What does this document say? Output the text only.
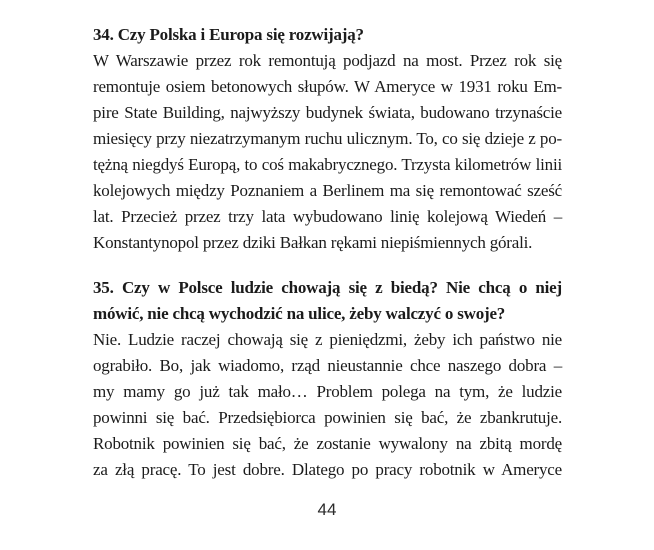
34. Czy Polska i Europa się rozwijają?
W Warszawie przez rok remontują podjazd na most. Przez rok się
remontuje osiem betonowych słupów. W Ameryce w 1931 roku Em-
pire State Building, najwyższy budynek świata, budowano trzynaście
miesięcy przy niezatrzymanym ruchu ulicznym. To, co się dzieje z po-
tężną niegdyś Europą, to coś makabrycznego. Trzysta kilometrów linii
kolejowych między Poznaniem a Berlinem ma się remontować sześć
lat. Przecież przez trzy lata wybudowano linię kolejową Wiedeń –
Konstantynopol przez dziki Bałkan rękami niepiśmiennych górali.
35. Czy w Polsce ludzie chowają się z biedą? Nie chcą o niej
mówić, nie chcą wychodzić na ulice, żeby walczyć o swoje?
Nie. Ludzie raczej chowają się z pieniędzmi, żeby ich państwo nie
ograbiło. Bo, jak wiadomo, rząd nieustannie chce naszego dobra –
my mamy go już tak mało… Problem polega na tym, że ludzie
powinni się bać. Przedsiębiorca powinien się bać, że zbankrutuje.
Robotnik powinien się bać, że zostanie wywalony na zbitą mordę
za złą pracę. To jest dobre. Dlatego po pracy robotnik w Ameryce
44
